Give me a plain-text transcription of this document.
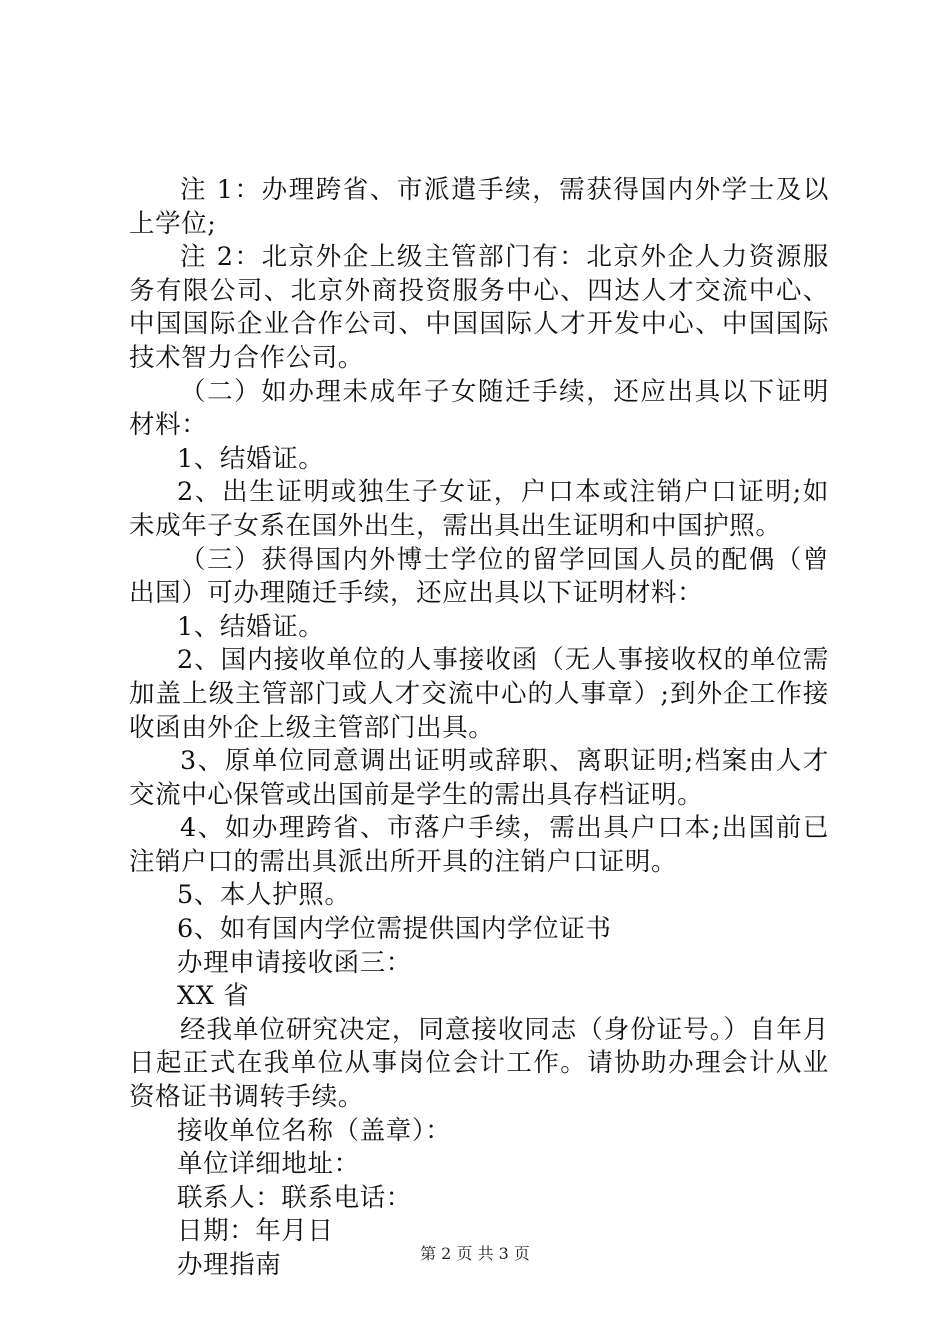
注 1：办理跨省、市派遣手续，需获得国内外学士及以上学位;

注 2：北京外企上级主管部门有：北京外企人力资源服务有限公司、北京外商投资服务中心、四达人才交流中心、中国国际企业合作公司、中国国际人才开发中心、中国国际技术智力合作公司。

（二）如办理未成年子女随迁手续，还应出具以下证明材料：

1、结婚证。

2、出生证明或独生子女证，户口本或注销户口证明;如未成年子女系在国外出生，需出具出生证明和中国护照。

（三）获得国内外博士学位的留学回国人员的配偶（曾出国）可办理随迁手续，还应出具以下证明材料：

1、结婚证。

2、国内接收单位的人事接收函（无人事接收权的单位需加盖上级主管部门或人才交流中心的人事章）;到外企工作接收函由外企上级主管部门出具。

3、原单位同意调出证明或辞职、离职证明;档案由人才交流中心保管或出国前是学生的需出具存档证明。

4、如办理跨省、市落户手续，需出具户口本;出国前已注销户口的需出具派出所开具的注销户口证明。

5、本人护照。

6、如有国内学位需提供国内学位证书

办理申请接收函三：

XX 省

经我单位研究决定，同意接收同志（身份证号。）自年月日起正式在我单位从事岗位会计工作。请协助办理会计从业资格证书调转手续。

接收单位名称（盖章）：

单位详细地址：

联系人：联系电话：

日期：年月日

办理指南	第 2 页 共 3 页
